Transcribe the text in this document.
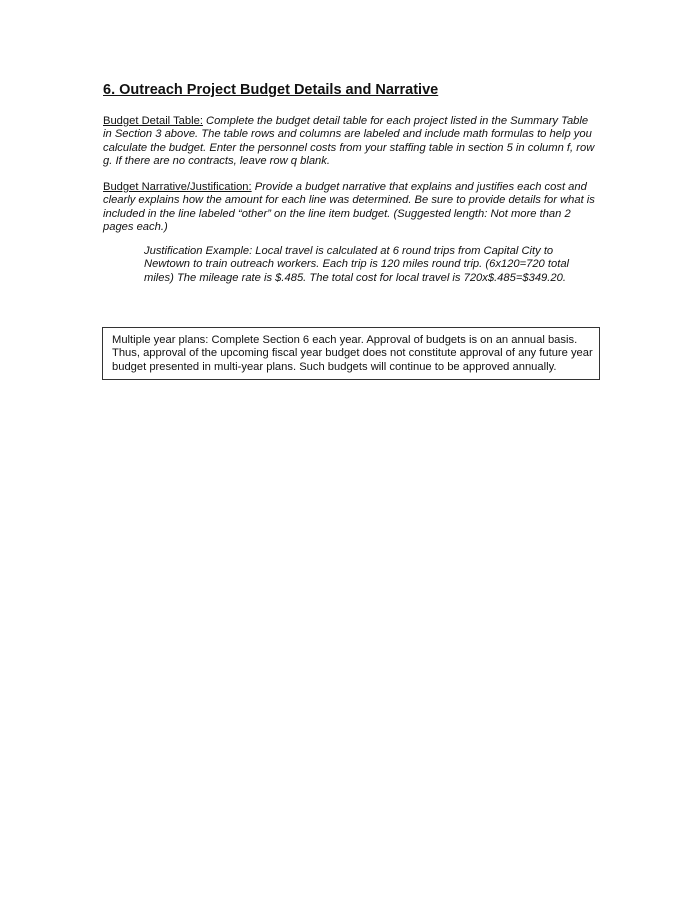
6. Outreach Project Budget Details and Narrative

Budget Detail Table: Complete the budget detail table for each project listed in the Summary Table in Section 3 above. The table rows and columns are labeled and include math formulas to help you calculate the budget. Enter the personnel costs from your staffing table in section 5 in column f, row g. If there are no contracts, leave row q blank.

Budget Narrative/Justification: Provide a budget narrative that explains and justifies each cost and clearly explains how the amount for each line was determined. Be sure to provide details for what is included in the line labeled “other” on the line item budget. (Suggested length: Not more than 2 pages each.)

Justification Example: Local travel is calculated at 6 round trips from Capital City to Newtown to train outreach workers. Each trip is 120 miles round trip. (6x120=720 total miles) The mileage rate is $.485. The total cost for local travel is 720x$.485=$349.20.

Multiple year plans: Complete Section 6 each year. Approval of budgets is on an annual basis. Thus, approval of the upcoming fiscal year budget does not constitute approval of any future year budget presented in multi-year plans. Such budgets will continue to be approved annually.
